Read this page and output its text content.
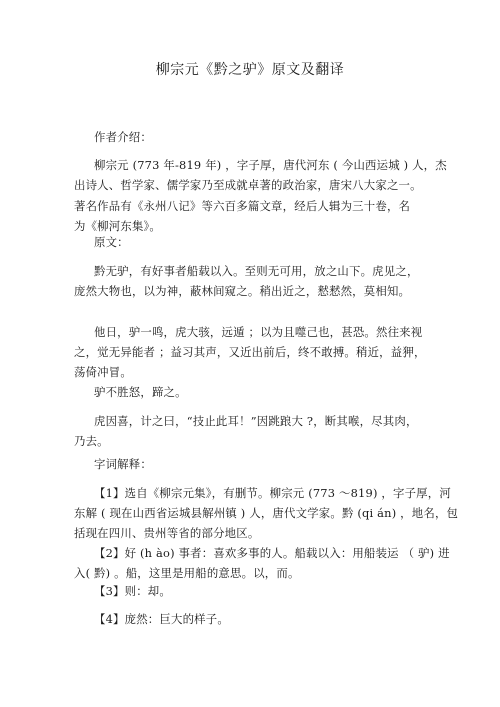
柳宗元《黔之驴》原文及翻译

作者介绍：

柳宗元 (773 年-819 年) ，字子厚，唐代河东 ( 今山西运城 ) 人，杰
出诗人、哲学家、儒学家乃至成就卓著的政治家，唐宋八大家之一。

著名作品有《永州八记》等六百多篇文章，经后人辑为三十卷，名
为《柳河东集》。

原文：

黔无驴，有好事者船载以入。至则无可用，放之山下。虎见之，
庞然大物也，以为神，蔽林间窥之。稍出近之，慭慭然，莫相知。

他日，驴一鸣，虎大骇，远遁 ；以为且噬己也，甚恐。然往来视
之，觉无异能者 ；益习其声，又近出前后，终不敢搏。稍近，益狎，
荡倚冲冒。

驴不胜怒，蹄之。

虎因喜，计之曰，“技止此耳！”因跳踉大 ?，断其喉，尽其肉，
乃去。

字词解释：

【1】选自《柳宗元集》，有删节。柳宗元 (773 ～819) ，字子厚，河
东解 ( 现在山西省运城县解州镇 ) 人，唐代文学家。黔 (qi án) ，地名，包
括现在四川、贵州等省的部分地区。

【2】好 (h ào) 事者：喜欢多事的人。船载以入：用船装运 （ 驴) 进
入( 黔) 。船，这里是用船的意思。以，而。

【3】则：却。

【4】庞然：巨大的样子。
